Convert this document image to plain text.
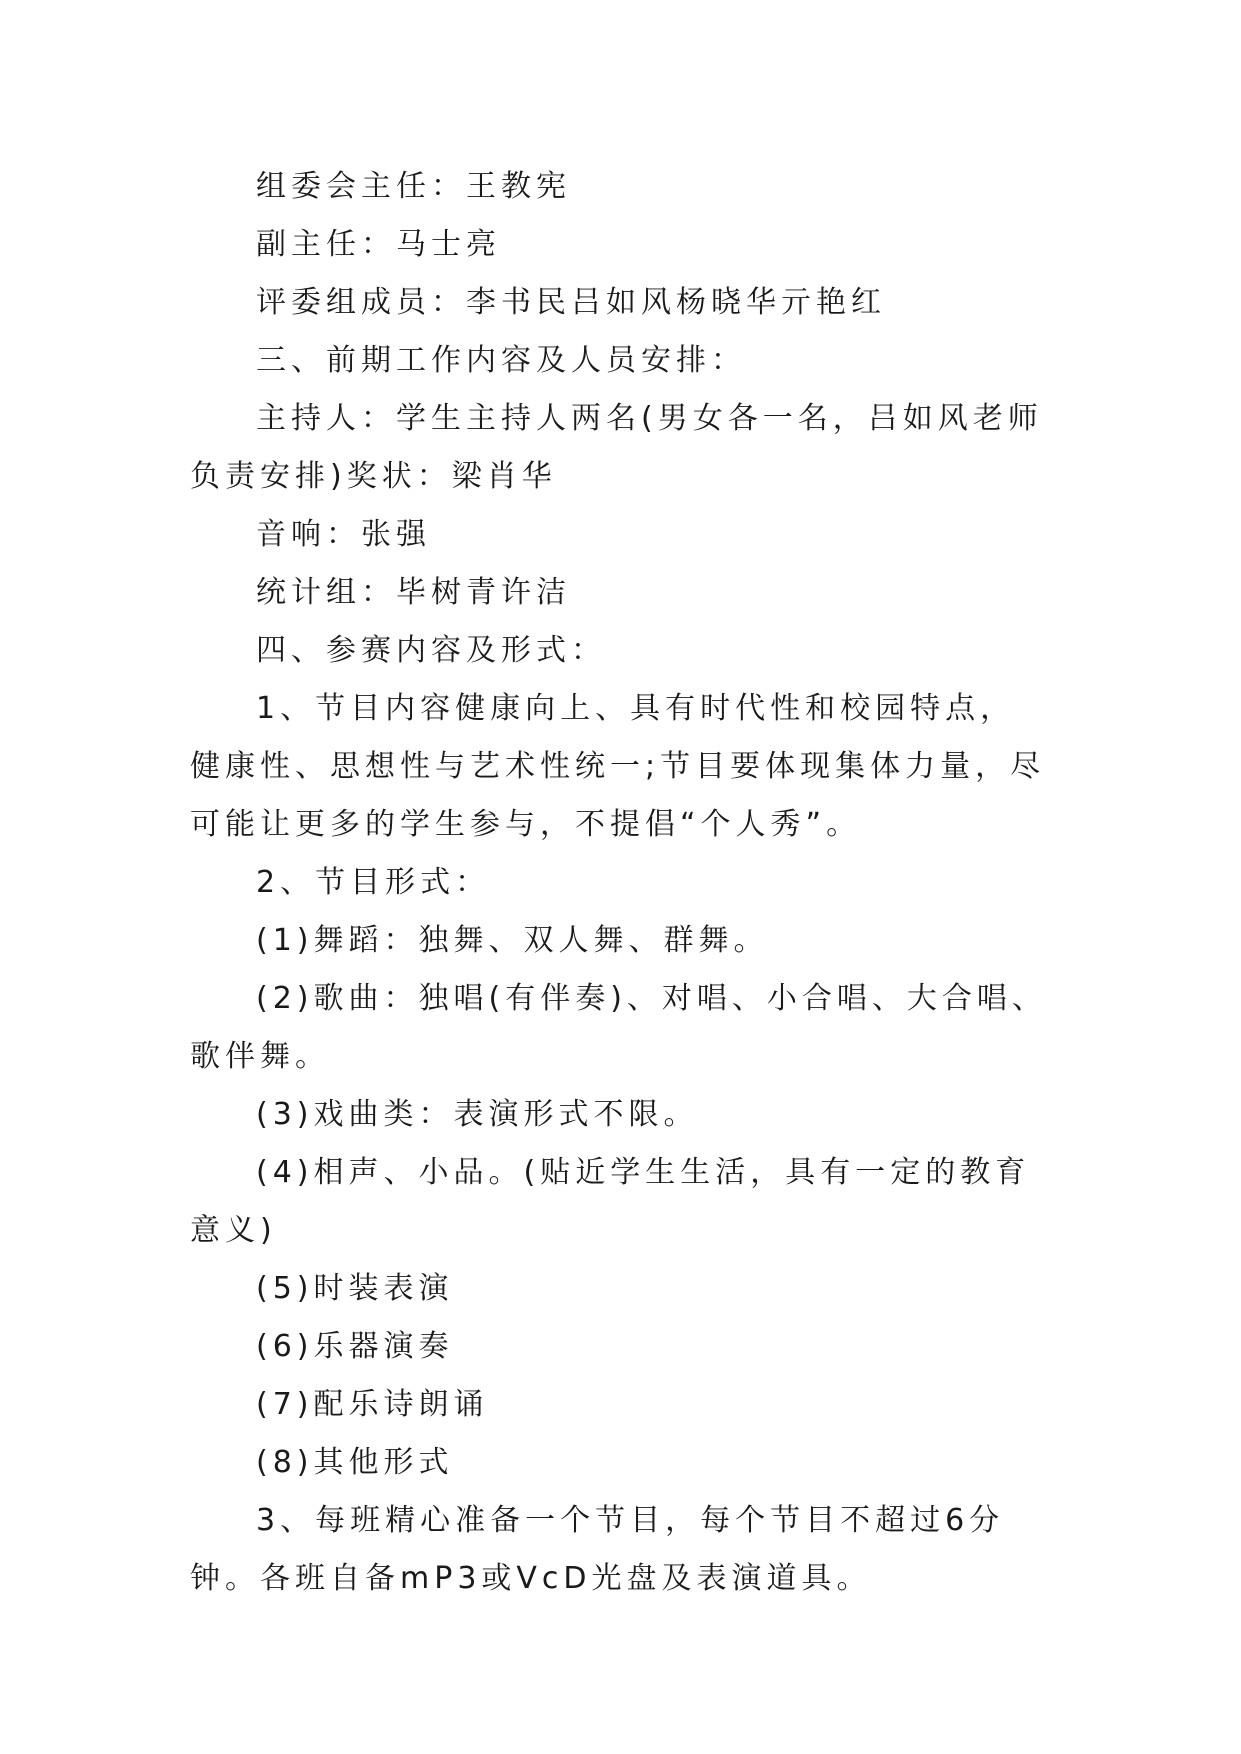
组委会主任：王教宪

副主任：马士亮

评委组成员：李书民吕如风杨晓华亓艳红

三、前期工作内容及人员安排：

主持人：学生主持人两名(男女各一名，吕如风老师负责安排)奖状：梁肖华

音响：张强

统计组：毕树青许洁

四、参赛内容及形式：

1、节目内容健康向上、具有时代性和校园特点，健康性、思想性与艺术性统一;节目要体现集体力量，尽可能让更多的学生参与，不提倡“个人秀”。

2、节目形式：

(1)舞蹈：独舞、双人舞、群舞。

(2)歌曲：独唱(有伴奏)、对唱、小合唱、大合唱、歌伴舞。

(3)戏曲类：表演形式不限。

(4)相声、小品。(贴近学生生活，具有一定的教育意义)

(5)时装表演

(6)乐器演奏

(7)配乐诗朗诵

(8)其他形式

3、每班精心准备一个节目，每个节目不超过6分钟。各班自备mP3或VcD光盘及表演道具。
